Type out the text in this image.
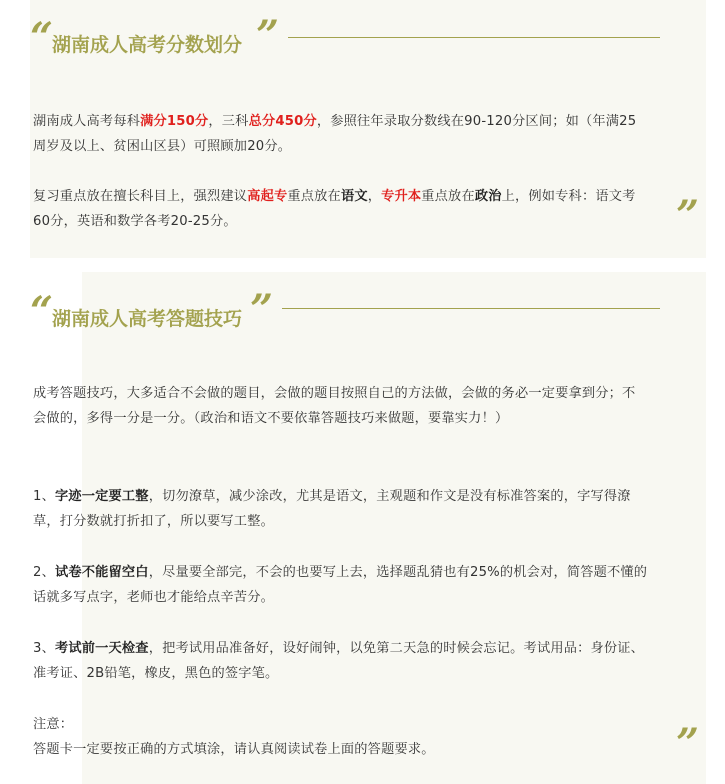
“
湖南成人高考分数划分 ”
湖南成人高考每科满分150分，三科总分450分，参照往年录取分数线在90-120分区间；如（年满25周岁及以上、贫困山区县）可照顾加20分。
复习重点放在擅长科目上，强烈建议高起专重点放在语文，专升本重点放在政治上，例如专科：语文考60分，英语和数学各考20-25分。	”
“
湖南成人高考答题技巧 ”
成考答题技巧，大多适合不会做的题目，会做的题目按照自己的方法做，会做的务必一定要拿到分；不会做的，多得一分是一分。（政治和语文不要依靠答题技巧来做题，要靠实力！）
1、字迹一定要工整，切勿潦草，减少涂改，尤其是语文，主观题和作文是没有标准答案的，字写得潦草，打分数就打折扣了，所以要写工整。
2、试卷不能留空白，尽量要全部完，不会的也要写上去，选择题乱猜也有25%的机会对，简答题不懂的话就多写点字，老师也才能给点辛苦分。
3、考试前一天检查，把考试用品准备好，设好闹钟，以免第二天急的时候会忘记。考试用品：身份证、准考证、2B铅笔，橡皮，黑色的签字笔。
注意：
答题卡一定要按正确的方式填涂，请认真阅读试卷上面的答题要求。	”
